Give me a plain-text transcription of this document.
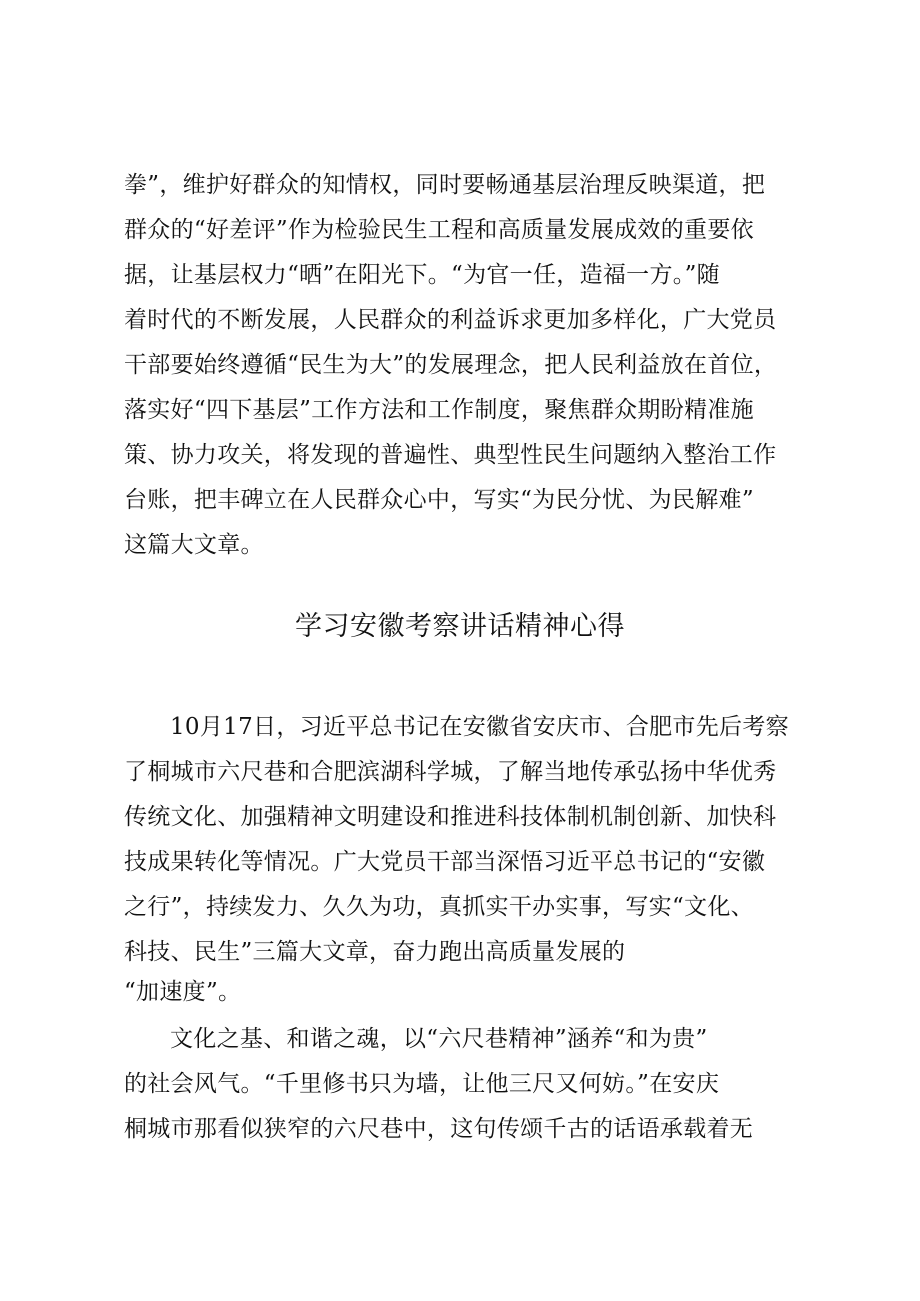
拳”，维护好群众的知情权，同时要畅通基层治理反映渠道，把
群众的“好差评”作为检验民生工程和高质量发展成效的重要依
据，让基层权力“晒”在阳光下。“为官一任，造福一方。”随
着时代的不断发展，人民群众的利益诉求更加多样化，广大党员
干部要始终遵循“民生为大”的发展理念，把人民利益放在首位，
落实好“四下基层”工作方法和工作制度，聚焦群众期盼精准施
策、协力攻关，将发现的普遍性、典型性民生问题纳入整治工作
台账，把丰碑立在人民群众心中，写实“为民分忧、为民解难”
这篇大文章。
学习安徽考察讲话精神心得
10月17日，习近平总书记在安徽省安庆市、合肥市先后考察
了桐城市六尺巷和合肥滨湖科学城，了解当地传承弘扬中华优秀
传统文化、加强精神文明建设和推进科技体制机制创新、加快科
技成果转化等情况。广大党员干部当深悟习近平总书记的“安徽
之行”，持续发力、久久为功，真抓实干办实事，写实“文化、
科技、民生”三篇大文章，奋力跑出高质量发展的
“加速度”。
文化之基、和谐之魂，以“六尺巷精神”涵养“和为贵”
的社会风气。“千里修书只为墙，让他三尺又何妨。”在安庆
桐城市那看似狭窄的六尺巷中，这句传颂千古的话语承载着无
